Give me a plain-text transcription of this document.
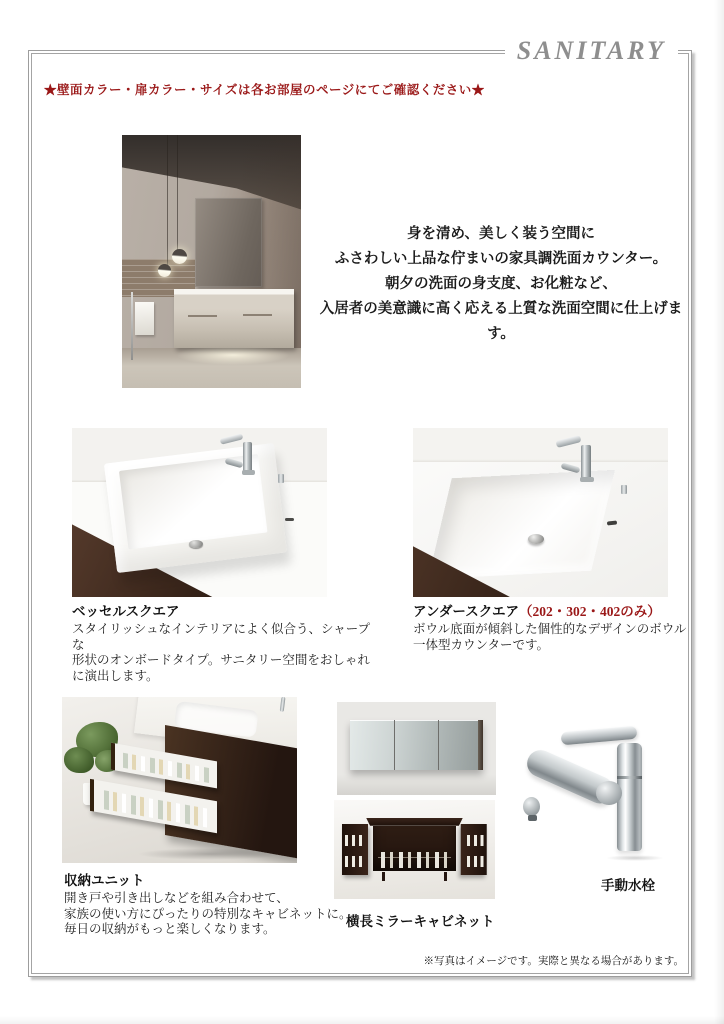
SANITARY
★壁面カラー・扉カラー・サイズは各お部屋のページにてご確認ください★

身を清め、美しく装う空間に

ふさわしい上品な佇まいの家具調洗面カウンター。

朝夕の洗面の身支度、お化粧など、

入居者の美意識に高く応える上質な洗面空間に仕上げます。

ベッセルスクエア
スタイリッシュなインテリアによく似合う、シャープな
形状のオンボードタイプ。サニタリー空間をおしゃれ
に演出します。
アンダースクエア（202・302・402のみ）
ボウル底面が傾斜した個性的なデザインのボウル
一体型カウンターです。
収納ユニット
開き戸や引き出しなどを組み合わせて、
家族の使い方にぴったりの特別なキャビネットに。
毎日の収納がもっと楽しくなります。	横長ミラーキャビネット
手動水栓
※写真はイメージです。実際と異なる場合があります。
